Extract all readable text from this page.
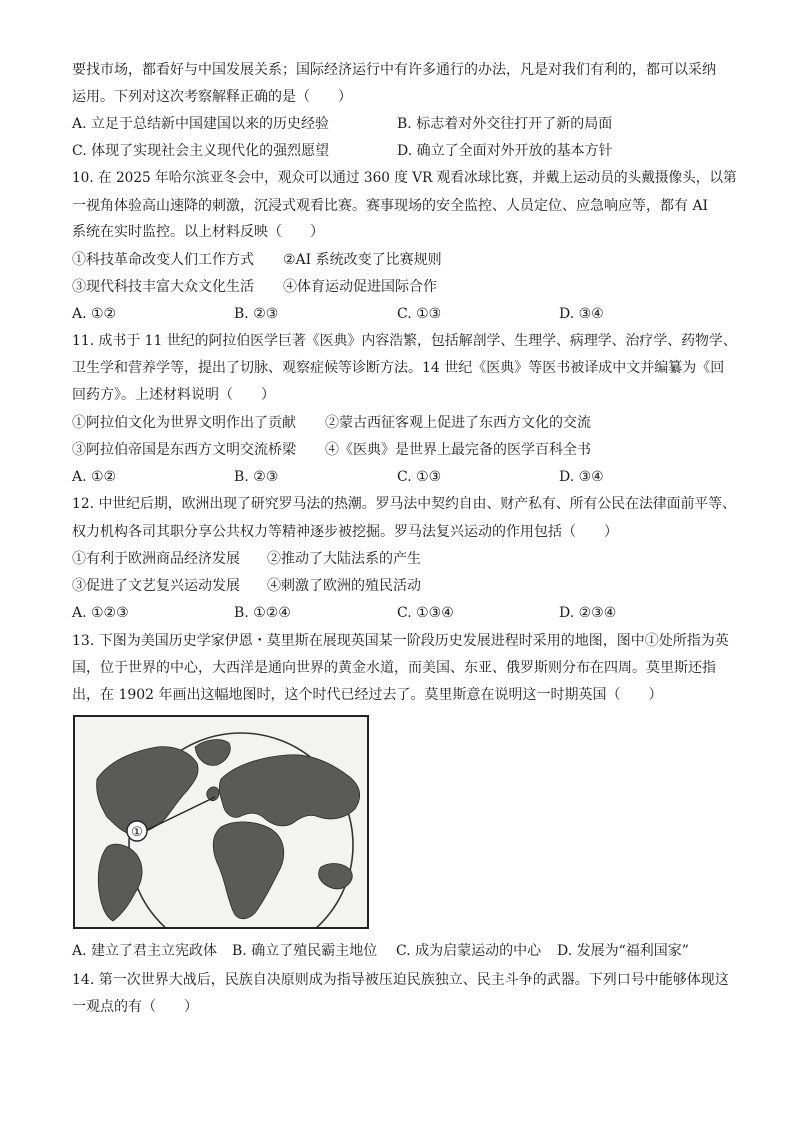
要找市场，都看好与中国发展关系；国际经济运行中有许多通行的办法，凡是对我们有利的，都可以采纳
运用。下列对这次考察解释正确的是（　　）
A. 立足于总结新中国建国以来的历史经验	B. 标志着对外交往打开了新的局面
C. 体现了实现社会主义现代化的强烈愿望	D. 确立了全面对外开放的基本方针
10. 在 2025 年哈尔滨亚冬会中，观众可以通过 360 度 VR 观看冰球比赛，并戴上运动员的头戴摄像头，以第
一视角体验高山速降的刺激，沉浸式观看比赛。赛事现场的安全监控、人员定位、应急响应等，都有 AI
系统在实时监控。以上材料反映（　　）
①科技革命改变人们工作方式 ②AI 系统改变了比赛规则
③现代科技丰富大众文化生活 ④体育运动促进国际合作
A. ①②	B. ②③	C. ①③	D. ③④
11. 成书于 11 世纪的阿拉伯医学巨著《医典》内容浩繁，包括解剖学、生理学、病理学、治疗学、药物学、
卫生学和营养学等，提出了切脉、观察症候等诊断方法。14 世纪《医典》等医书被译成中文并编纂为《回
回药方》。上述材料说明（　　）
①阿拉伯文化为世界文明作出了贡献 ②蒙古西征客观上促进了东西方文化的交流
③阿拉伯帝国是东西方文明交流桥梁 ④《医典》是世界上最完备的医学百科全书
A. ①②	B. ②③	C. ①③	D. ③④
12. 中世纪后期，欧洲出现了研究罗马法的热潮。罗马法中契约自由、财产私有、所有公民在法律面前平等、
权力机构各司其职分享公共权力等精神逐步被挖掘。罗马法复兴运动的作用包括（　　）
①有利于欧洲商品经济发展 ②推动了大陆法系的产生
③促进了文艺复兴运动发展 ④刺激了欧洲的殖民活动
A. ①②③	B. ①②④	C. ①③④	D. ②③④
13. 下图为美国历史学家伊恩・莫里斯在展现英国某一阶段历史发展进程时采用的地图，图中①处所指为英
国，位于世界的中心，大西洋是通向世界的黄金水道，而美国、东亚、俄罗斯则分布在四周。莫里斯还指
出，在 1902 年画出这幅地图时，这个时代已经过去了。莫里斯意在说明这一时期英国（　　）
①
A. 建立了君主立宪政体 B. 确立了殖民霸主地位 C. 成为启蒙运动的中心 D. 发展为“福利国家”
14. 第一次世界大战后，民族自决原则成为指导被压迫民族独立、民主斗争的武器。下列口号中能够体现这
一观点的有（　　）
